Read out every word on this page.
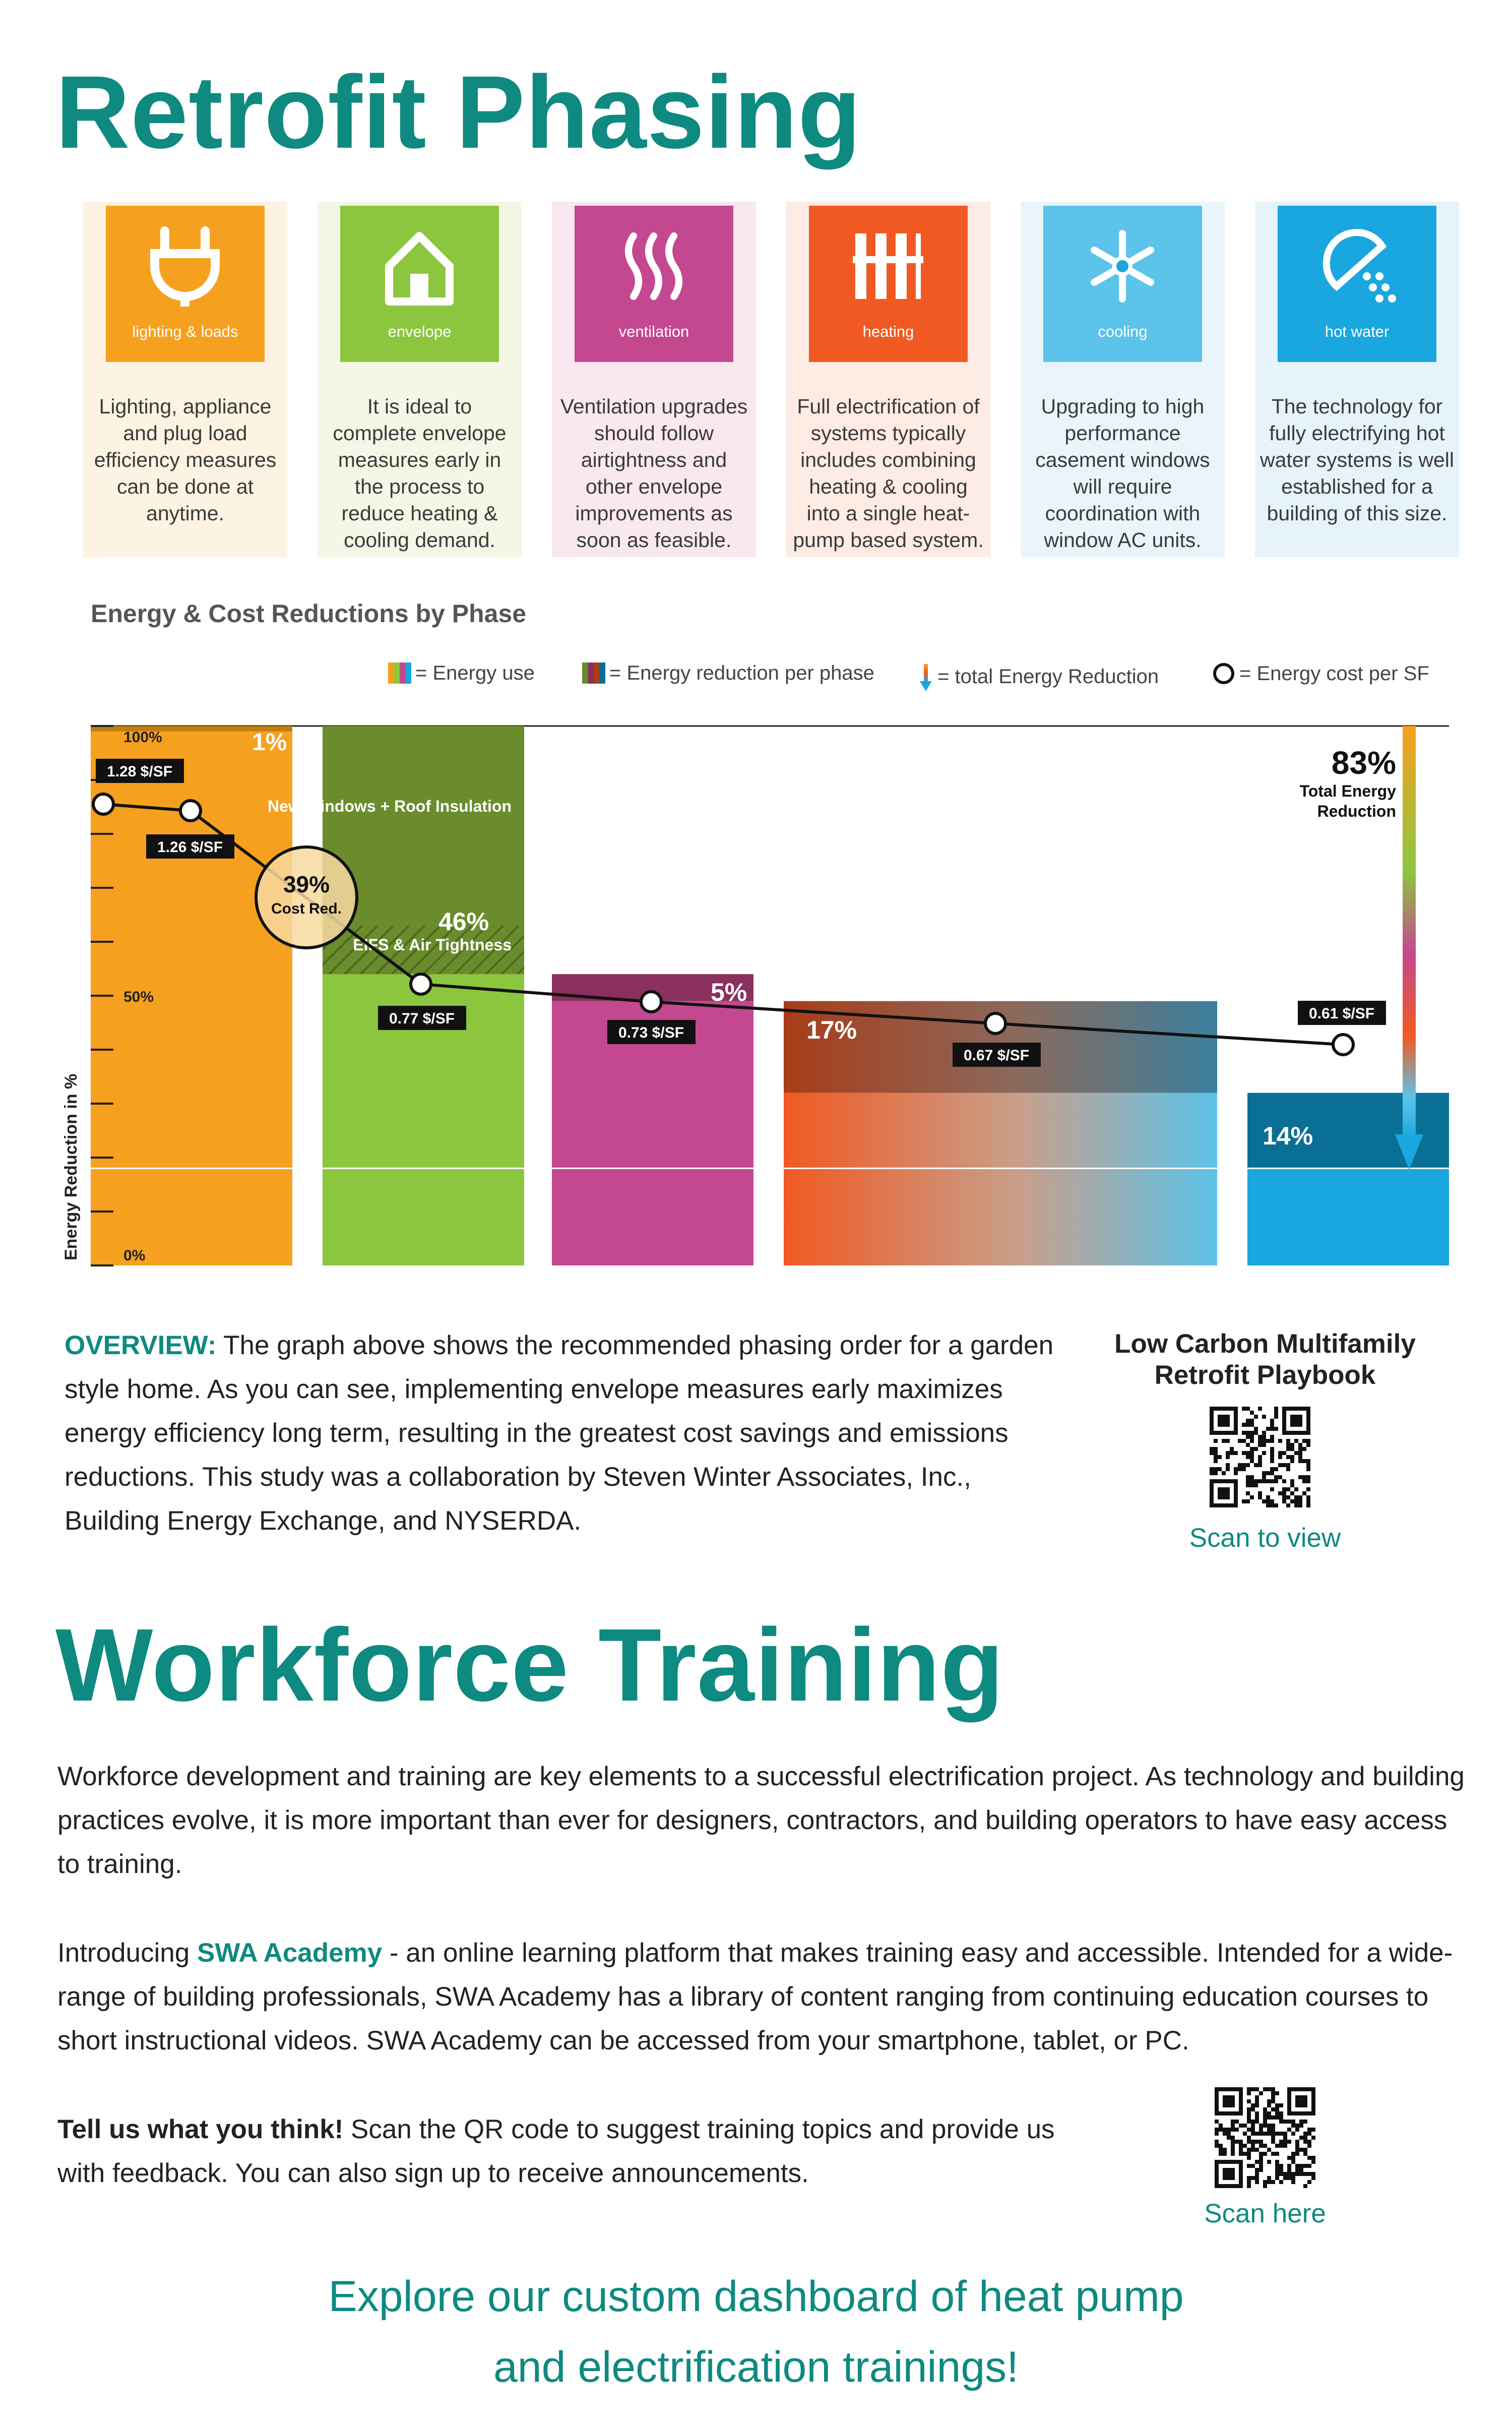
Retrofit Phasing
lighting & loads
Lighting, appliance and plug load efficiency measures can be done at anytime.
envelope
It is ideal to complete envelope measures early in the process to reduce heating & cooling demand.
ventilation
Ventilation upgrades should follow airtightness and other envelope improvements as soon as feasible.
heating
Full electrification of systems typically includes combining heating & cooling into a single heat-pump based system.
cooling
Upgrading to high performance casement windows will require coordination with window AC units.
hot water
The technology for fully electrifying hot water systems is well established for a building of this size.
Energy & Cost Reductions by Phase
= Energy use	= Energy reduction per phase	= total Energy Reduction	= Energy cost per SF
100%
50%
0%
Energy Reduction in %
1%
46%
5%
17%
14%
New Windows + Roof Insulation
EIFS & Air Tightness
39%
Cost Red.
1.28 $/SF
1.26 $/SF
0.77 $/SF
0.73 $/SF
0.67 $/SF
0.61 $/SF
83%
Total Energy
Reduction
OVERVIEW: The graph above shows the recommended phasing order for a garden style home. As you can see, implementing envelope measures early maximizes energy efficiency long term, resulting in the greatest cost savings and emissions reductions. This study was a collaboration by Steven Winter Associates, Inc., Building Energy Exchange, and NYSERDA.
Low Carbon Multifamily Retrofit Playbook
Scan to view
Workforce Training
Workforce development and training are key elements to a successful electrification project. As technology and building practices evolve, it is more important than ever for designers, contractors, and building operators to have easy access to training.
Introducing SWA Academy - an online learning platform that makes training easy and accessible. Intended for a wide-range of building professionals, SWA Academy has a library of content ranging from continuing education courses to short instructional videos. SWA Academy can be accessed from your smartphone, tablet, or PC.
Tell us what you think! Scan the QR code to suggest training topics and provide us with feedback. You can also sign up to receive announcements.
Scan here
Explore our custom dashboard of heat pump
and electrification trainings!
